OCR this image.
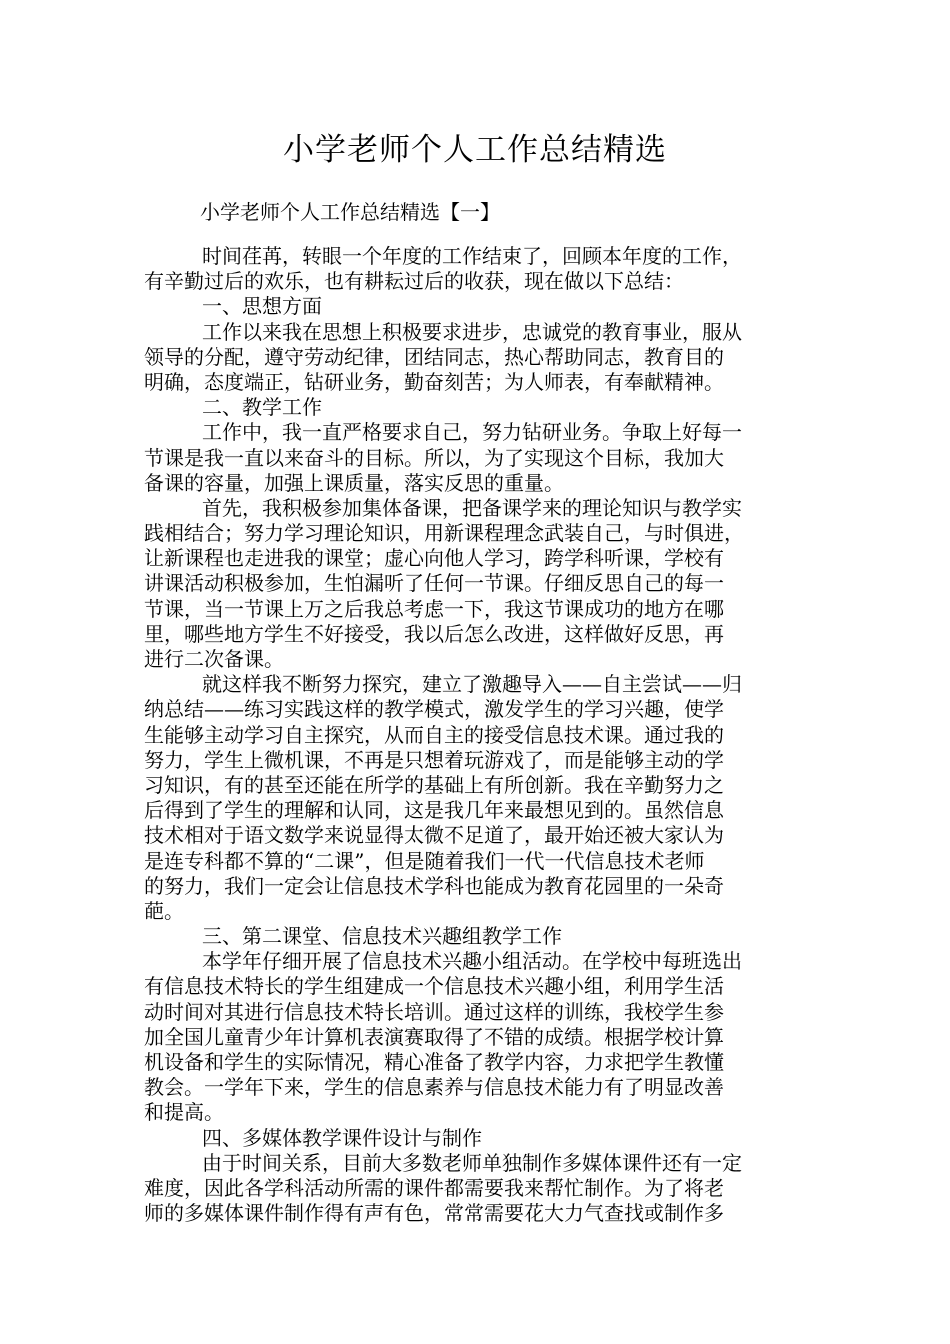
小学老师个人工作总结精选

小学老师个人工作总结精选【一】

时间荏苒，转眼一个年度的工作结束了，回顾本年度的工作，

有辛勤过后的欢乐，也有耕耘过后的收获，现在做以下总结：

一、思想方面

工作以来我在思想上积极要求进步，忠诚党的教育事业，服从

领导的分配，遵守劳动纪律，团结同志，热心帮助同志，教育目的

明确，态度端正，钻研业务，勤奋刻苦；为人师表，有奉献精神。

二、教学工作

工作中，我一直严格要求自己，努力钻研业务。争取上好每一

节课是我一直以来奋斗的目标。所以，为了实现这个目标，我加大

备课的容量，加强上课质量，落实反思的重量。

首先，我积极参加集体备课，把备课学来的理论知识与教学实

践相结合；努力学习理论知识，用新课程理念武装自己，与时俱进，

让新课程也走进我的课堂；虚心向他人学习，跨学科听课，学校有

讲课活动积极参加，生怕漏听了任何一节课。仔细反思自己的每一

节课，当一节课上万之后我总考虑一下，我这节课成功的地方在哪

里，哪些地方学生不好接受，我以后怎么改进，这样做好反思，再

进行二次备课。

就这样我不断努力探究，建立了激趣导入——自主尝试——归

纳总结——练习实践这样的教学模式，激发学生的学习兴趣，使学

生能够主动学习自主探究，从而自主的接受信息技术课。通过我的

努力，学生上微机课，不再是只想着玩游戏了，而是能够主动的学

习知识，有的甚至还能在所学的基础上有所创新。我在辛勤努力之

后得到了学生的理解和认同，这是我几年来最想见到的。虽然信息

技术相对于语文数学来说显得太微不足道了，最开始还被大家认为

是连专科都不算的“二课”，但是随着我们一代一代信息技术老师

的努力，我们一定会让信息技术学科也能成为教育花园里的一朵奇

葩。

三、第二课堂、信息技术兴趣组教学工作

本学年仔细开展了信息技术兴趣小组活动。在学校中每班选出

有信息技术特长的学生组建成一个信息技术兴趣小组，利用学生活

动时间对其进行信息技术特长培训。通过这样的训练，我校学生参

加全国儿童青少年计算机表演赛取得了不错的成绩。根据学校计算

机设备和学生的实际情况，精心准备了教学内容，力求把学生教懂

教会。一学年下来，学生的信息素养与信息技术能力有了明显改善

和提高。

四、多媒体教学课件设计与制作

由于时间关系，目前大多数老师单独制作多媒体课件还有一定

难度，因此各学科活动所需的课件都需要我来帮忙制作。为了将老

师的多媒体课件制作得有声有色，常常需要花大力气查找或制作多
